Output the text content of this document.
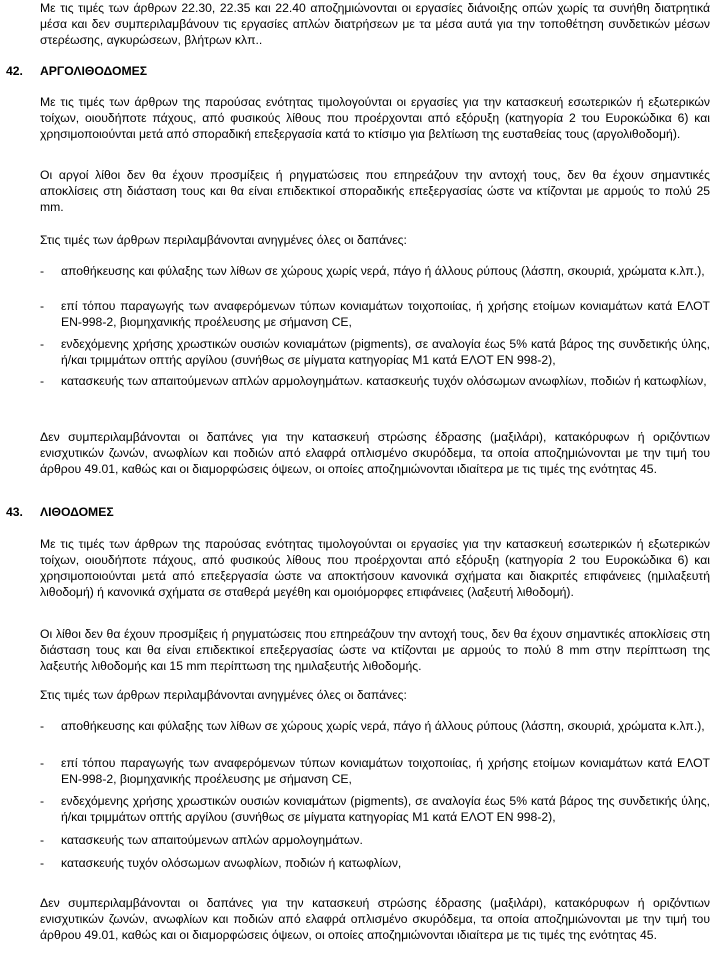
Με τις τιμές των άρθρων 22.30, 22.35 και 22.40 αποζημιώνονται οι εργασίες διάνοιξης οπών χωρίς τα συνήθη διατρητικά μέσα και δεν συμπεριλαμβάνουν τις εργασίες απλών διατρήσεων με τα μέσα αυτά για την τοποθέτηση συνδετικών μέσων στερέωσης, αγκυρώσεων, βλήτρων κλπ..

42. ΑΡΓΟΛΙΘΟΔΟΜΕΣ

Με τις τιμές των άρθρων της παρούσας ενότητας τιμολογούνται οι εργασίες για την κατασκευή εσωτερικών ή εξωτερικών τοίχων, οιουδήποτε πάχους, από φυσικούς λίθους που προέρχονται από εξόρυξη (κατηγορία 2 του Ευροκώδικα 6) και χρησιμοποιούνται μετά από σποραδική επεξεργασία κατά το κτίσιμο για βελτίωση της ευσταθείας τους (αργολιθοδομή).

Οι αργοί λίθοι δεν θα έχουν προσμίξεις ή ρηγματώσεις που επηρεάζουν την αντοχή τους, δεν θα έχουν σημαντικές αποκλίσεις στη διάσταση τους και θα είναι επιδεκτικοί σποραδικής επεξεργασίας ώστε να κτίζονται με αρμούς το πολύ 25 mm.

Στις τιμές των άρθρων περιλαμβάνονται ανηγμένες όλες οι δαπάνες:

- αποθήκευσης και φύλαξης των λίθων σε χώρους χωρίς νερά, πάγο ή άλλους ρύπους (λάσπη, σκουριά, χρώματα κ.λπ.),
- επί τόπου παραγωγής των αναφερόμενων τύπων κονιαμάτων τοιχοποιίας, ή χρήσης ετοίμων κονιαμάτων κατά ΕΛΟΤ ΕΝ-998-2, βιομηχανικής προέλευσης με σήμανση CE,
- ενδεχόμενης χρήσης χρωστικών ουσιών κονιαμάτων (pigments), σε αναλογία έως 5% κατά βάρος της συνδετικής ύλης, ή/και τριμμάτων οπτής αργίλου (συνήθως σε μίγματα κατηγορίας Μ1 κατά ΕΛΟΤ ΕΝ 998-2),
- κατασκευής των απαιτούμενων απλών αρμολογημάτων. κατασκευής τυχόν ολόσωμων ανωφλίων, ποδιών ή κατωφλίων,

Δεν συμπεριλαμβάνονται οι δαπάνες για την κατασκευή στρώσης έδρασης (μαξιλάρι), κατακόρυφων ή οριζόντιων ενισχυτικών ζωνών, ανωφλίων και ποδιών από ελαφρά οπλισμένο σκυρόδεμα, τα οποία αποζημιώνονται με την τιμή του άρθρου 49.01, καθώς και οι διαμορφώσεις όψεων, οι οποίες αποζημιώνονται ιδιαίτερα με τις τιμές της ενότητας 45.

43. ΛΙΘΟΔΟΜΕΣ

Με τις τιμές των άρθρων της παρούσας ενότητας τιμολογούνται οι εργασίες για την κατασκευή εσωτερικών ή εξωτερικών τοίχων, οιουδήποτε πάχους, από φυσικούς λίθους που προέρχονται από εξόρυξη (κατηγορία 2 του Ευροκώδικα 6) και χρησιμοποιούνται μετά από επεξεργασία ώστε να αποκτήσουν κανονικά σχήματα και διακριτές επιφάνειες (ημιλαξευτή λιθοδομή) ή κανονικά σχήματα σε σταθερά μεγέθη και ομοιόμορφες επιφάνειες (λαξευτή λιθοδομή).

Οι λίθοι δεν θα έχουν προσμίξεις ή ρηγματώσεις που επηρεάζουν την αντοχή τους, δεν θα έχουν σημαντικές αποκλίσεις στη διάσταση τους και θα είναι επιδεκτικοί επεξεργασίας ώστε να κτίζονται με αρμούς το πολύ 8 mm στην περίπτωση της λαξευτής λιθοδομής και 15 mm περίπτωση της ημιλαξευτής λιθοδομής.

Στις τιμές των άρθρων περιλαμβάνονται ανηγμένες όλες οι δαπάνες:

- αποθήκευσης και φύλαξης των λίθων σε χώρους χωρίς νερά, πάγο ή άλλους ρύπους (λάσπη, σκουριά, χρώματα κ.λπ.),
- επί τόπου παραγωγής των αναφερόμενων τύπων κονιαμάτων τοιχοποιίας, ή χρήσης ετοίμων κονιαμάτων κατά ΕΛΟΤ ΕΝ-998-2, βιομηχανικής προέλευσης με σήμανση CE,
- ενδεχόμενης χρήσης χρωστικών ουσιών κονιαμάτων (pigments), σε αναλογία έως 5% κατά βάρος της συνδετικής ύλης, ή/και τριμμάτων οπτής αργίλου (συνήθως σε μίγματα κατηγορίας Μ1 κατά ΕΛΟΤ ΕΝ 998-2),
- κατασκευής των απαιτούμενων απλών αρμολογημάτων.
- κατασκευής τυχόν ολόσωμων ανωφλίων, ποδιών ή κατωφλίων,

Δεν συμπεριλαμβάνονται οι δαπάνες για την κατασκευή στρώσης έδρασης (μαξιλάρι), κατακόρυφων ή οριζόντιων ενισχυτικών ζωνών, ανωφλίων και ποδιών από ελαφρά οπλισμένο σκυρόδεμα, τα οποία αποζημιώνονται με την τιμή του άρθρου 49.01, καθώς και οι διαμορφώσεις όψεων, οι οποίες αποζημιώνονται ιδιαίτερα με τις τιμές της ενότητας 45.
